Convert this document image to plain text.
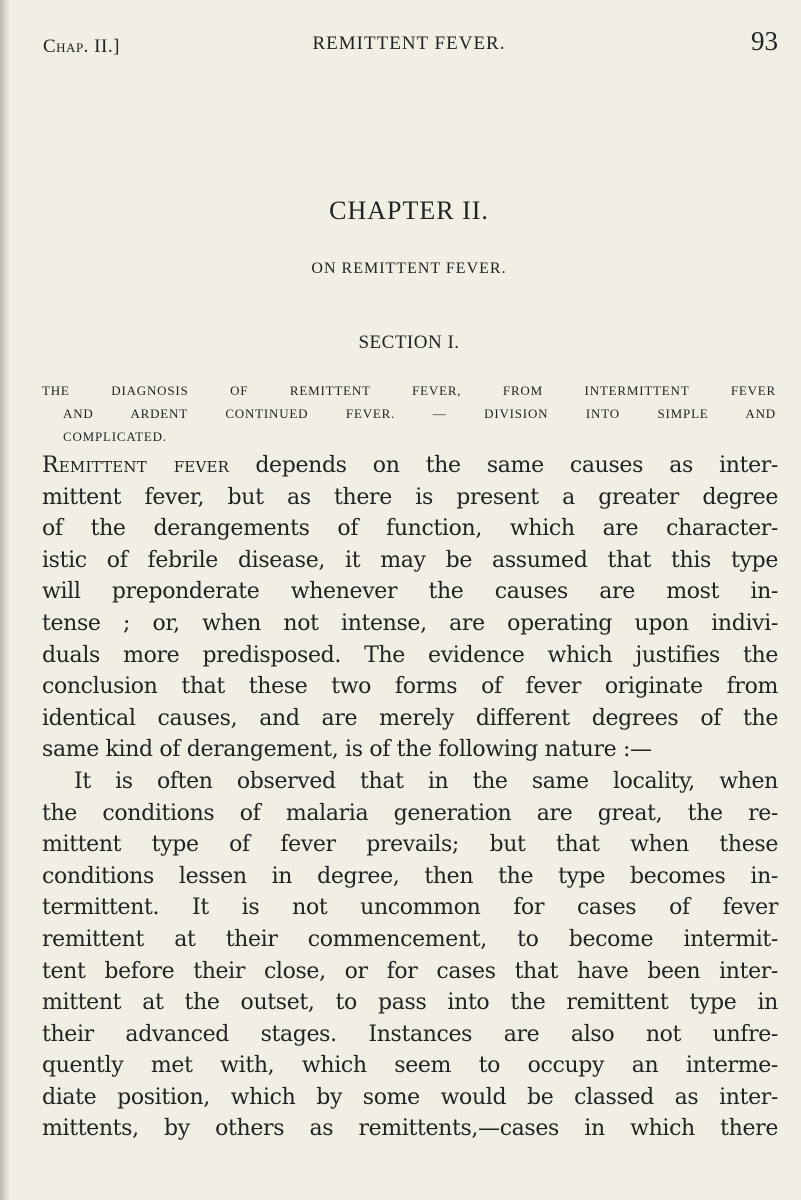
Chap. II.]	REMITTENT FEVER.	93
CHAPTER II.
ON REMITTENT FEVER.
SECTION I.
THE DIAGNOSIS OF REMITTENT FEVER, FROM INTERMITTENT FEVER
AND ARDENT CONTINUED FEVER. — DIVISION INTO SIMPLE AND
COMPLICATED.
Remittent fever depends on the same causes as inter-
mittent fever, but as there is present a greater degree
of the derangements of function, which are character-
istic of febrile disease, it may be assumed that this type
will preponderate whenever the causes are most in-
tense ; or, when not intense, are operating upon indivi-
duals more predisposed. The evidence which justifies the
conclusion that these two forms of fever originate from
identical causes, and are merely different degrees of the
same kind of derangement, is of the following nature :—
It is often observed that in the same locality, when
the conditions of malaria generation are great, the re-
mittent type of fever prevails; but that when these
conditions lessen in degree, then the type becomes in-
termittent. It is not uncommon for cases of fever
remittent at their commencement, to become intermit-
tent before their close, or for cases that have been inter-
mittent at the outset, to pass into the remittent type in
their advanced stages. Instances are also not unfre-
quently met with, which seem to occupy an interme-
diate position, which by some would be classed as inter-
mittents, by others as remittents,—cases in which there
